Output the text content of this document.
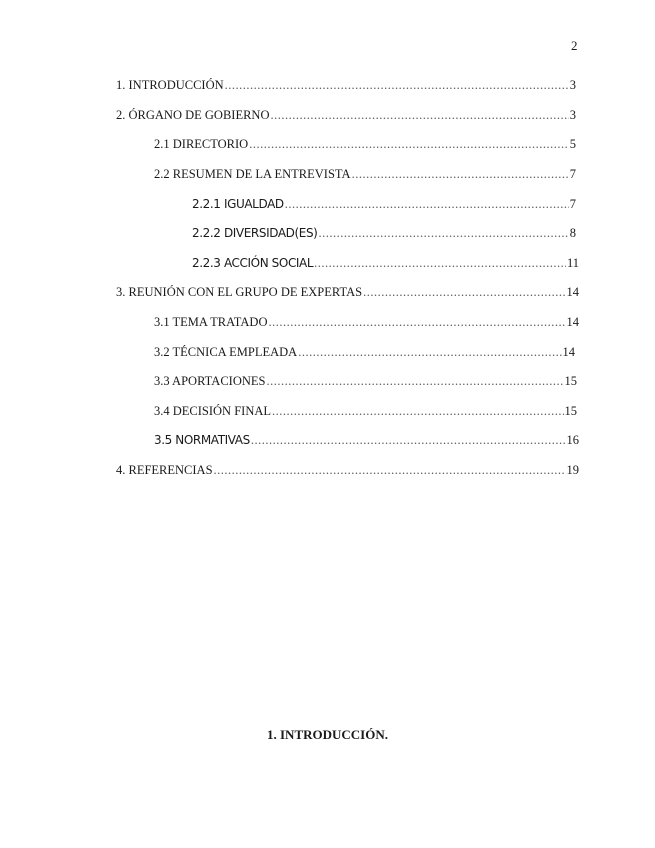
2
1. INTRODUCCIÓN .....	3
2. ÓRGANO DE GOBIERNO .....	3
2.1 DIRECTORIO .....	5
2.2 RESUMEN DE LA ENTREVISTA .....	7
2.2.1 IGUALDAD .....	7
2.2.2 DIVERSIDAD(ES) .....	8
2.2.3 ACCIÓN SOCIAL .....	11
3. REUNIÓN CON EL GRUPO DE EXPERTAS .....	14
3.1 TEMA TRATADO .....	14
3.2 TÉCNICA EMPLEADA .....	14
3.3 APORTACIONES .....	15
3.4 DECISIÓN FINAL .....	15
3.5 NORMATIVAS .....	16
4. REFERENCIAS .....	19
1. INTRODUCCIÓN.
